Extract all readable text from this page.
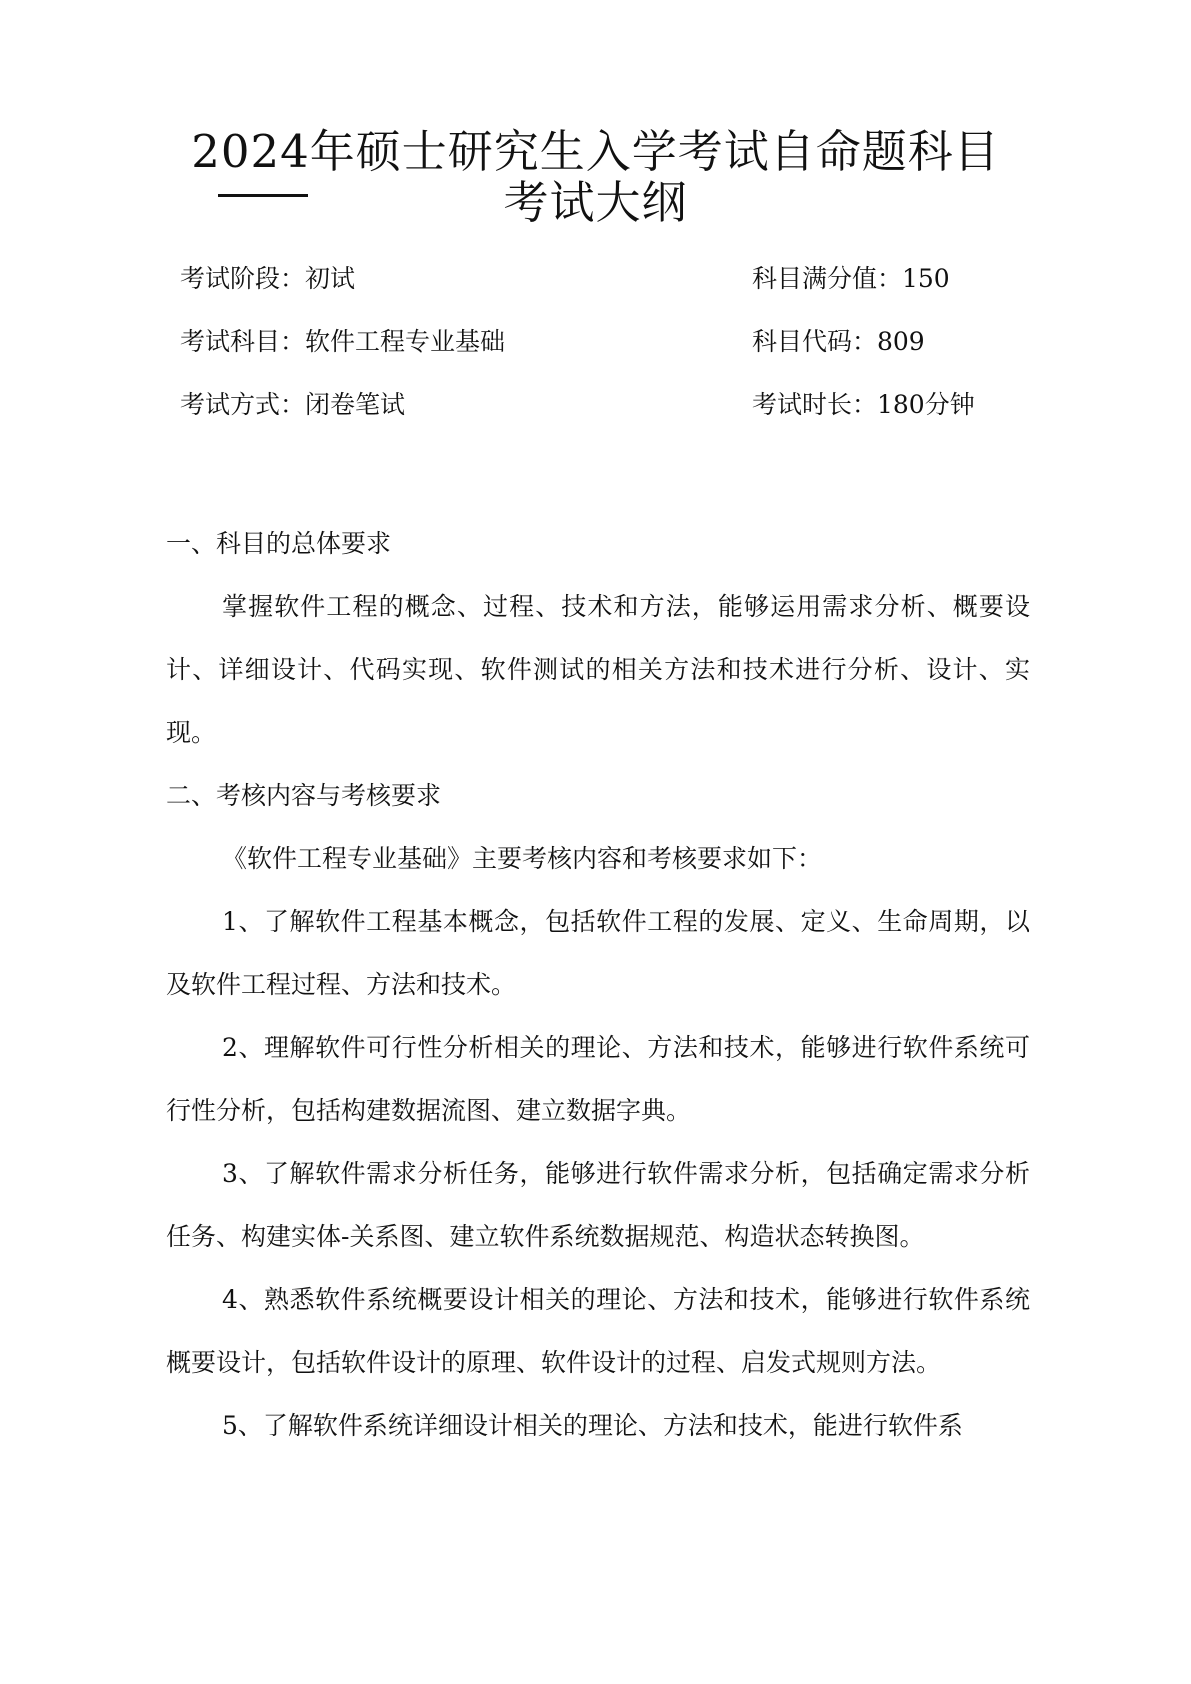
2024年硕士研究生入学考试自命题科目
考试大纲
考试阶段：初试	科目满分值：150
考试科目：软件工程专业基础	科目代码：809
考试方式：闭卷笔试	考试时长：180分钟

一、科目的总体要求

掌握软件工程的概念、过程、技术和方法，能够运用需求分析、概要设计、详细设计、代码实现、软件测试的相关方法和技术进行分析、设计、实现。

二、考核内容与考核要求

《软件工程专业基础》主要考核内容和考核要求如下：

1、了解软件工程基本概念，包括软件工程的发展、定义、生命周期，以及软件工程过程、方法和技术。

2、理解软件可行性分析相关的理论、方法和技术，能够进行软件系统可行性分析，包括构建数据流图、建立数据字典。

3、了解软件需求分析任务，能够进行软件需求分析，包括确定需求分析任务、构建实体-关系图、建立软件系统数据规范、构造状态转换图。

4、熟悉软件系统概要设计相关的理论、方法和技术，能够进行软件系统概要设计，包括软件设计的原理、软件设计的过程、启发式规则方法。

5、了解软件系统详细设计相关的理论、方法和技术，能进行软件系
